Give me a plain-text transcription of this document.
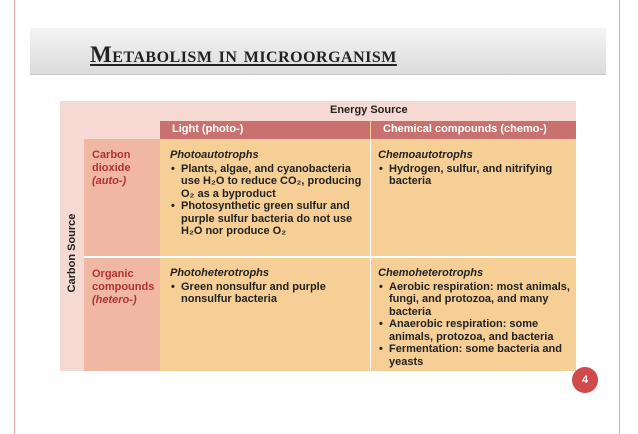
Metabolism in microorganism
Energy Source
Light (photo-)	Chemical compounds (chemo-)
Carbon Source
Carbon
dioxide
(auto-)
Organic
compounds
(hetero-)
Photoautotrophs
• Plants, algae, and cyanobacteria use H₂O to reduce CO₂, producing O₂ as a byproduct
• Photosynthetic green sulfur and purple sulfur bacteria do not use H₂O nor produce O₂
Chemoautotrophs
• Hydrogen, sulfur, and nitrifying bacteria
Photoheterotrophs
• Green nonsulfur and purple nonsulfur bacteria
Chemoheterotrophs
• Aerobic respiration: most animals, fungi, and protozoa, and many bacteria
• Anaerobic respiration: some animals, protozoa, and bacteria
• Fermentation: some bacteria and yeasts
4
